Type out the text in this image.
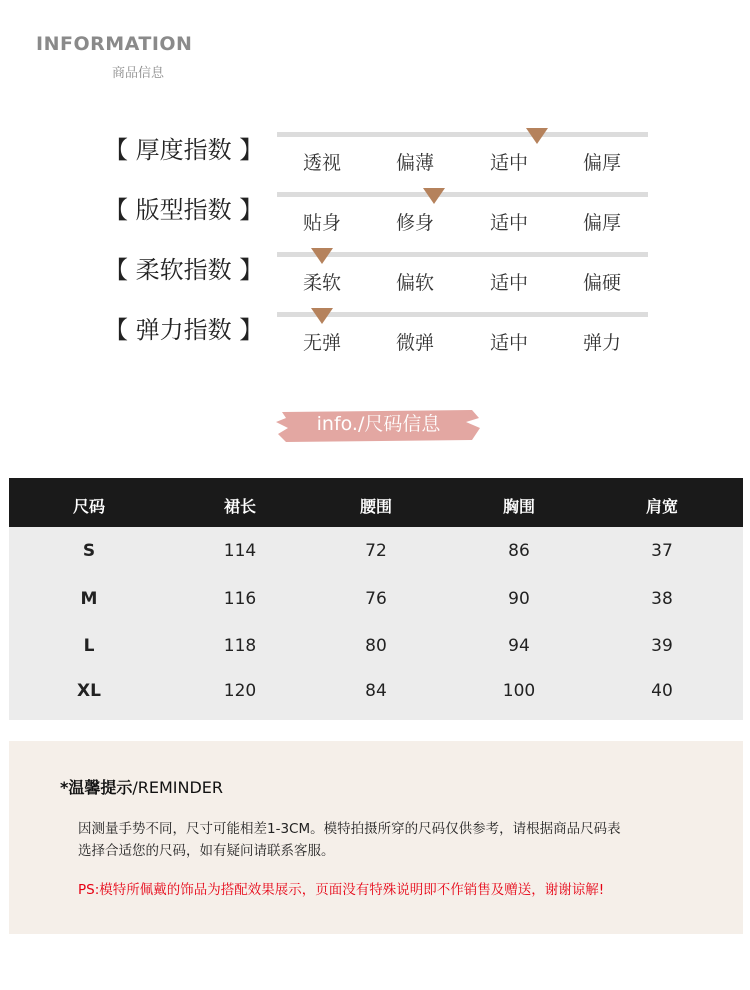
INFORMATION
商品信息
【 厚度指数 】	透视	偏薄	适中	偏厚
【 版型指数 】	贴身	修身	适中	偏厚
【 柔软指数 】	柔软	偏软	适中	偏硬
【 弹力指数 】	无弹	微弹	适中	弹力
info./尺码信息
尺码	裙长	腰围	胸围	肩宽
S	114	72	86	37
M	116	76	90	38
L	118	80	94	39
XL	120	84	100	40
*温馨提示/REMINDER
因测量手势不同，尺寸可能相差1-3CM。模特拍摄所穿的尺码仅供参考，请根据商品尺码表
选择合适您的尺码，如有疑问请联系客服。
PS:模特所佩戴的饰品为搭配效果展示，页面没有特殊说明即不作销售及赠送，谢谢谅解!
